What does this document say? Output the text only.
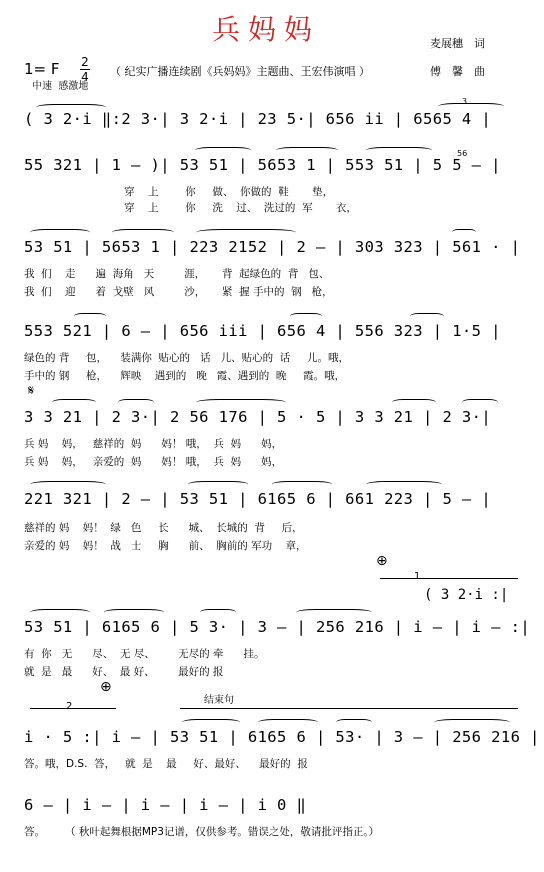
兵妈妈	麦展穗　词
1= F 2
4 （ 纪实广播连续剧《兵妈妈》主题曲、王宏伟演唱 ）	傅　馨　曲
中速  感激地
( 3 2·i ‖:2 3·| 3 2·i | 23 5·| 656 ii | 6565 4 |
3
55 321 | 1 – )| 53 51 | 5653 1 | 553 51 | 5 5 – |
56
穿    上        你     做、  你做的  鞋       垫，
穿    上        你     洗    过、  洗过的  军       衣，
53 51 | 5653 1 | 223 2152 | 2 – | 303 323 | 561 · |
我  们    走      遍  海角   天         涯，     背  起绿色的  背   包、
我  们    迎      着  戈壁   风         沙，     紧  握 手中的  钢   枪，
553 521 | 6 – | 656 iii | 656 4 | 556 323 | 1·5 |
绿色的 背     包，    装满你  贴心的   话   儿、贴心的  话     儿。哦，
手中的 钢     枪，    辉映    遇到的   晚   霞、遇到的  晚     霞。哦，
𝄋
3 3 21 | 2 3·| 2 56 176 | 5 · 5 | 3 3 21 | 2 3·|
兵 妈    妈，   慈祥的  妈      妈！ 哦，  兵  妈      妈，
兵 妈    妈，   亲爱的  妈      妈！ 哦，  兵  妈      妈，
221 321 | 2 – | 53 51 | 6165 6 | 661 223 | 5 – |
慈祥的 妈    妈！  绿   色     长      城、  长城的  背     后，
亲爱的 妈    妈！  战   士     胸      前、  胸前的 军功    章，
⊕
1
( 3 2·i :|
53 51 | 6165 6 | 5 3· | 3 – | 256 216 | i – | i – :|
有  你   无      尽、  无 尽、       无尽的 牵      挂。
就  是   最      好、  最 好、       最好的 报
⊕
2
结束句
i · 5 :| i – | 53 51 | 6165 6 | 53· | 3 – | 256 216 |
答。哦，D.S.  答，   就  是    最     好、最好、    最好的  报
6 – | i – | i – | i – | i 0 ‖
答。      （ 秋叶起舞根据MP3记谱，仅供参考。错误之处，敬请批评指正。）
